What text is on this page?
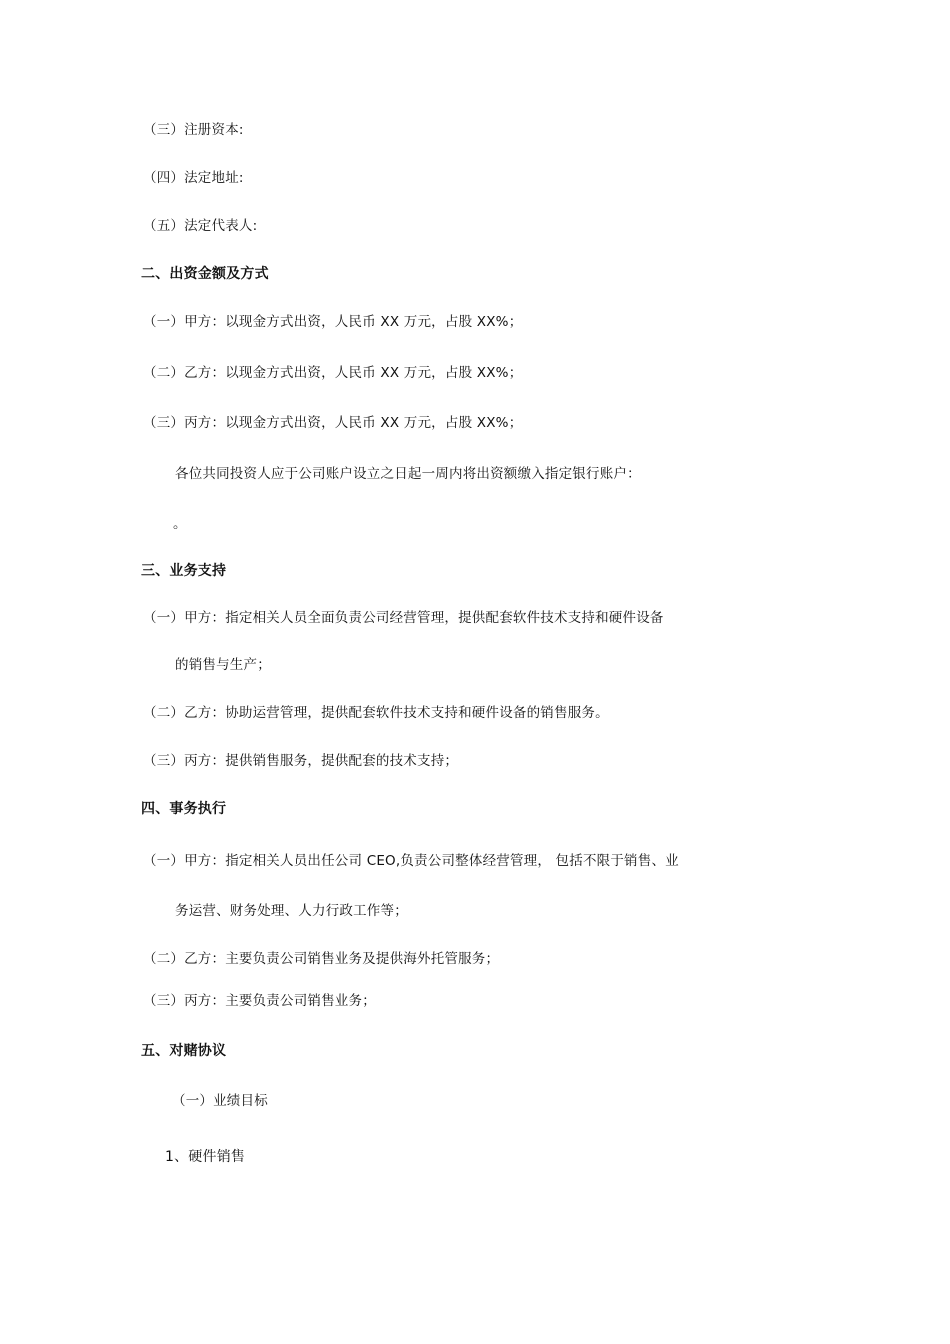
（三）注册资本:
（四）法定地址:
（五）法定代表人:
二、出资金额及方式
（一）甲方：以现金方式出资，人民币 XX 万元，占股 XX%；
（二）乙方：以现金方式出资，人民币 XX 万元，占股 XX%；
（三）丙方：以现金方式出资，人民币 XX 万元，占股 XX%；
各位共同投资人应于公司账户设立之日起一周内将出资额缴入指定银行账户：
。
三、业务支持
（一）甲方：指定相关人员全面负责公司经营管理，提供配套软件技术支持和硬件设备
的销售与生产；
（二）乙方：协助运营管理，提供配套软件技术支持和硬件设备的销售服务。
（三）丙方：提供销售服务，提供配套的技术支持；
四、事务执行
（一）甲方：指定相关人员出任公司 CEO,负责公司整体经营管理， 包括不限于销售、业
务运营、财务处理、人力行政工作等；
（二）乙方：主要负责公司销售业务及提供海外托管服务；
（三）丙方：主要负责公司销售业务；
五、对赌协议
（一）业绩目标
1、硬件销售
